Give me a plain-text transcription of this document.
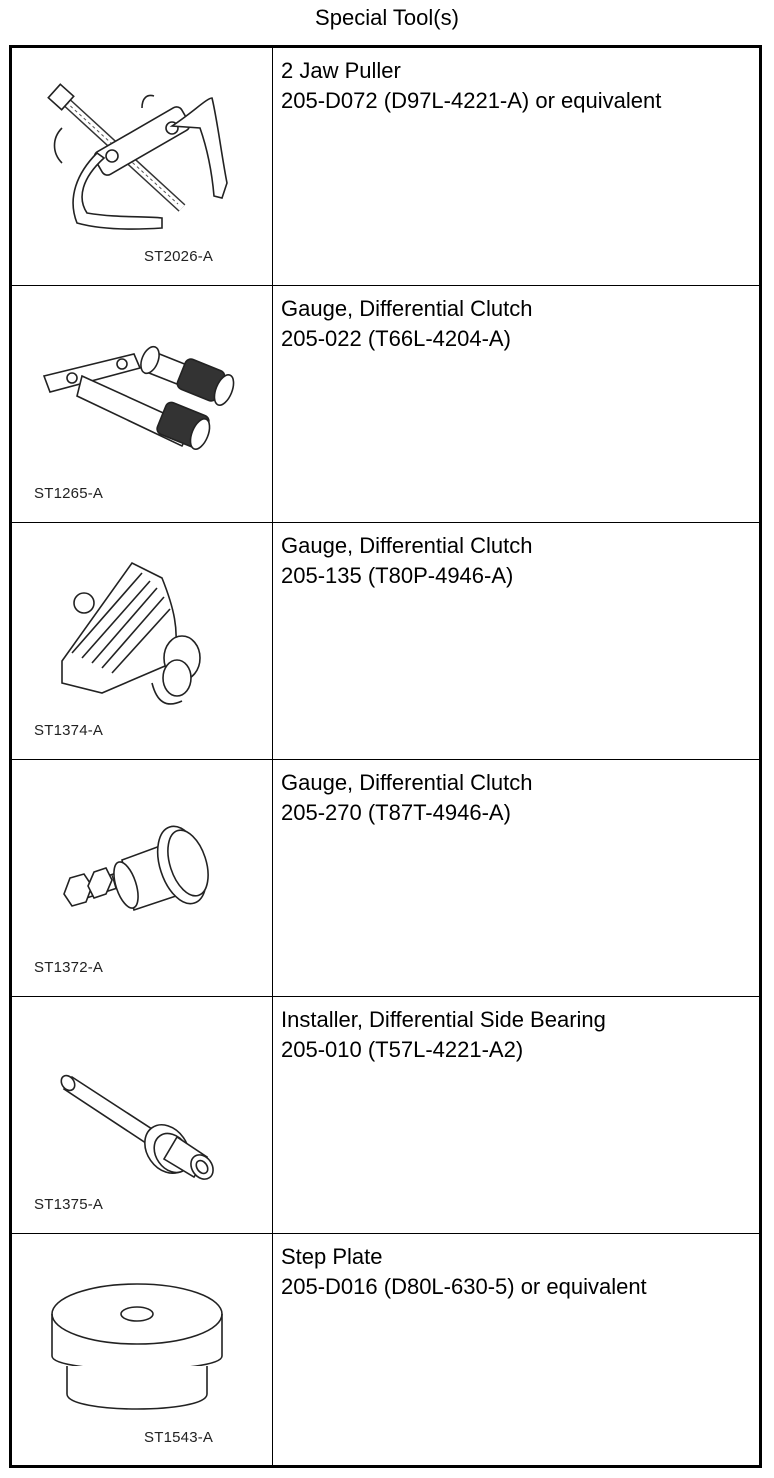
Special Tool(s)
ST2026-A
2 Jaw Puller
205-D072 (D97L-4221-A) or equivalent
ST1265-A
Gauge, Differential Clutch
205-022 (T66L-4204-A)
ST1374-A
Gauge, Differential Clutch
205-135 (T80P-4946-A)
ST1372-A
Gauge, Differential Clutch
205-270 (T87T-4946-A)
ST1375-A
Installer, Differential Side Bearing
205-010 (T57L-4221-A2)
ST1543-A
Step Plate
205-D016 (D80L-630-5) or equivalent
